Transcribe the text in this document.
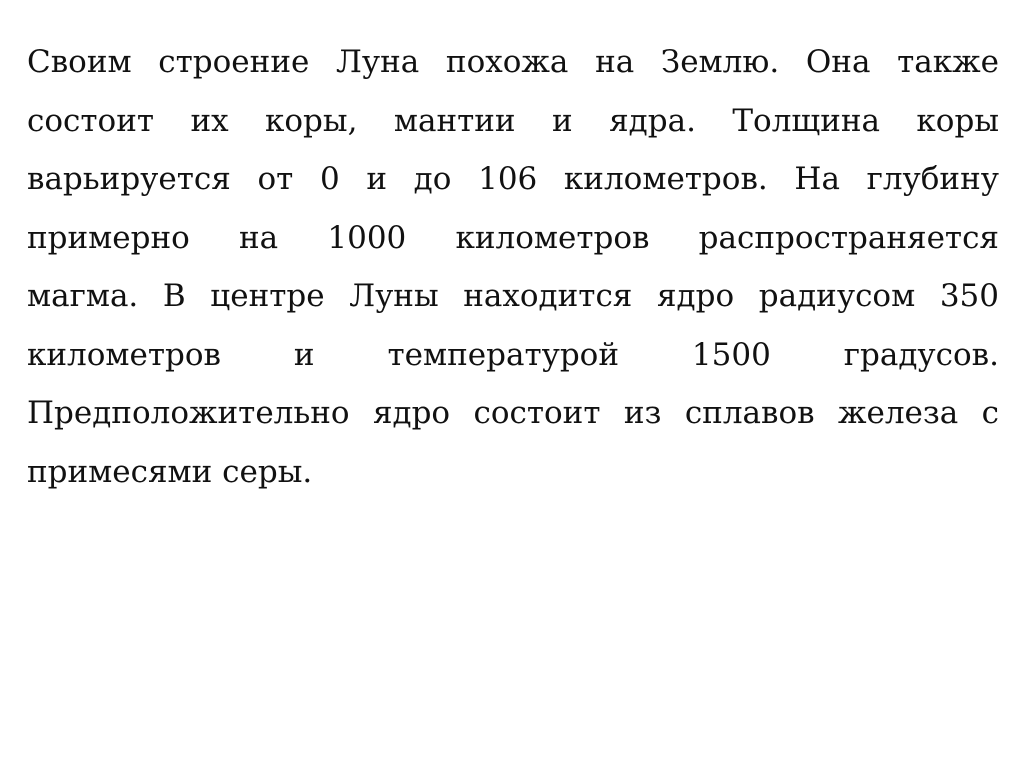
Своим строение Луна похожа на Землю. Она также
состоит их коры, мантии и ядра. Толщина коры
варьируется от 0 и до 106 километров. На глубину
примерно на 1000 километров распространяется
магма. В центре Луны находится ядро радиусом 350
километров и температурой 1500 градусов.
Предположительно ядро состоит из сплавов железа с
примесями серы.
